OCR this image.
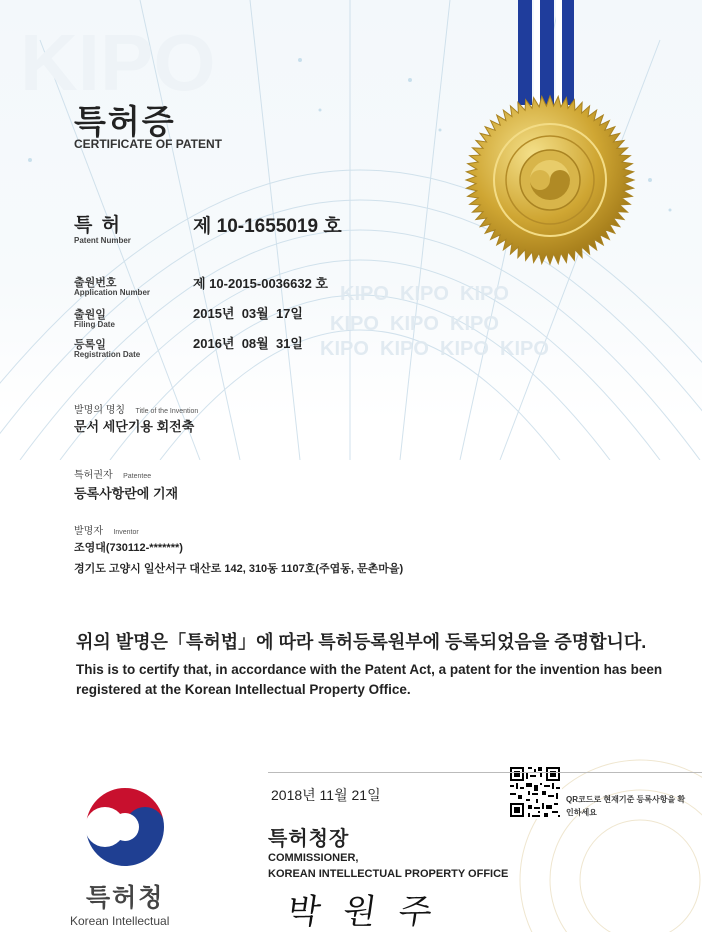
KIPO KIPO KIPO
KIPO KIPO KIPO
KIPO KIPO KIPO KIPO
KIPO
특허증
CERTIFICATE OF PATENT
특 허
Patent Number
제 10-1655019 호
출원번호
Application Number
제 10-2015-0036632 호
출원일
Filing Date
2015년  03월  17일
등록일
Registration Date
2016년  08월  31일
발명의 명칭 Title of the Invention
문서 세단기용 회전축
특허권자 Patentee
등록사항란에 기재
발명자 Inventor
조영대(730112-*******)
경기도 고양시 일산서구 대산로 142, 310동 1107호(주엽동, 문촌마을)
위의 발명은「특허법」에 따라 특허등록원부에 등록되었음을 증명합니다.
This is to certify that, in accordance with the Patent Act, a patent for the invention has been registered at the Korean Intellectual Property Office.
2018년 11월 21일	QR코드로 현재기준 등록사항을 확인하세요
특허청장
COMMISSIONER,
KOREAN INTELLECTUAL PROPERTY OFFICE
박 원 주
특허청
Korean Intellectual
